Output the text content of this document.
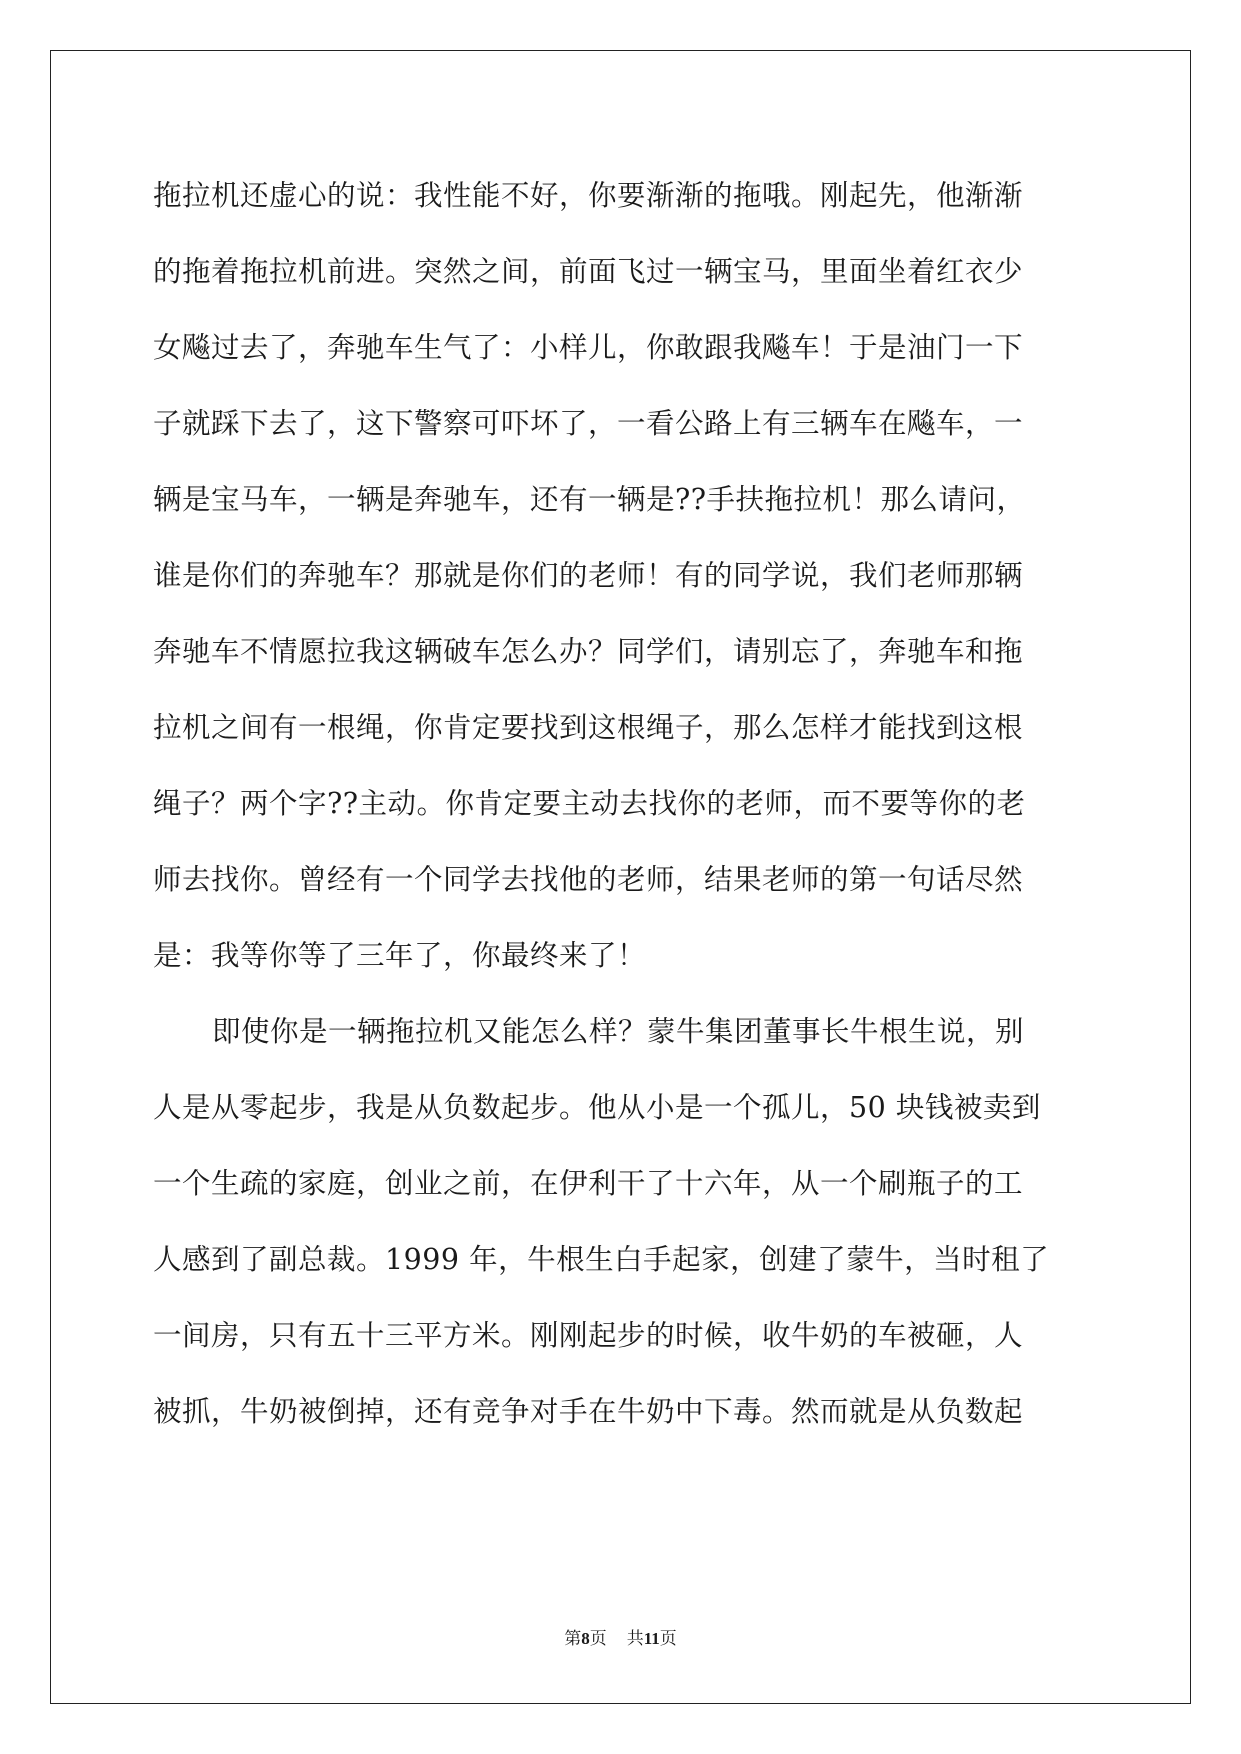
拖拉机还虚心的说：我性能不好，你要渐渐的拖哦。刚起先，他渐渐
的拖着拖拉机前进。突然之间，前面飞过一辆宝马，里面坐着红衣少
女飚过去了，奔驰车生气了：小样儿，你敢跟我飚车！于是油门一下
子就踩下去了，这下警察可吓坏了，一看公路上有三辆车在飚车，一
辆是宝马车，一辆是奔驰车，还有一辆是??手扶拖拉机！那么请问，
谁是你们的奔驰车？那就是你们的老师！有的同学说，我们老师那辆
奔驰车不情愿拉我这辆破车怎么办？同学们，请别忘了，奔驰车和拖
拉机之间有一根绳，你肯定要找到这根绳子，那么怎样才能找到这根
绳子？两个字??主动。你肯定要主动去找你的老师，而不要等你的老
师去找你。曾经有一个同学去找他的老师，结果老师的第一句话尽然
是：我等你等了三年了，你最终来了！
即使你是一辆拖拉机又能怎么样？蒙牛集团董事长牛根生说，别
人是从零起步，我是从负数起步。他从小是一个孤儿，50 块钱被卖到
一个生疏的家庭，创业之前，在伊利干了十六年，从一个刷瓶子的工
人感到了副总裁。1999 年，牛根生白手起家，创建了蒙牛，当时租了
一间房，只有五十三平方米。刚刚起步的时候，收牛奶的车被砸，人
被抓，牛奶被倒掉，还有竞争对手在牛奶中下毒。然而就是从负数起
第8页 共11页
